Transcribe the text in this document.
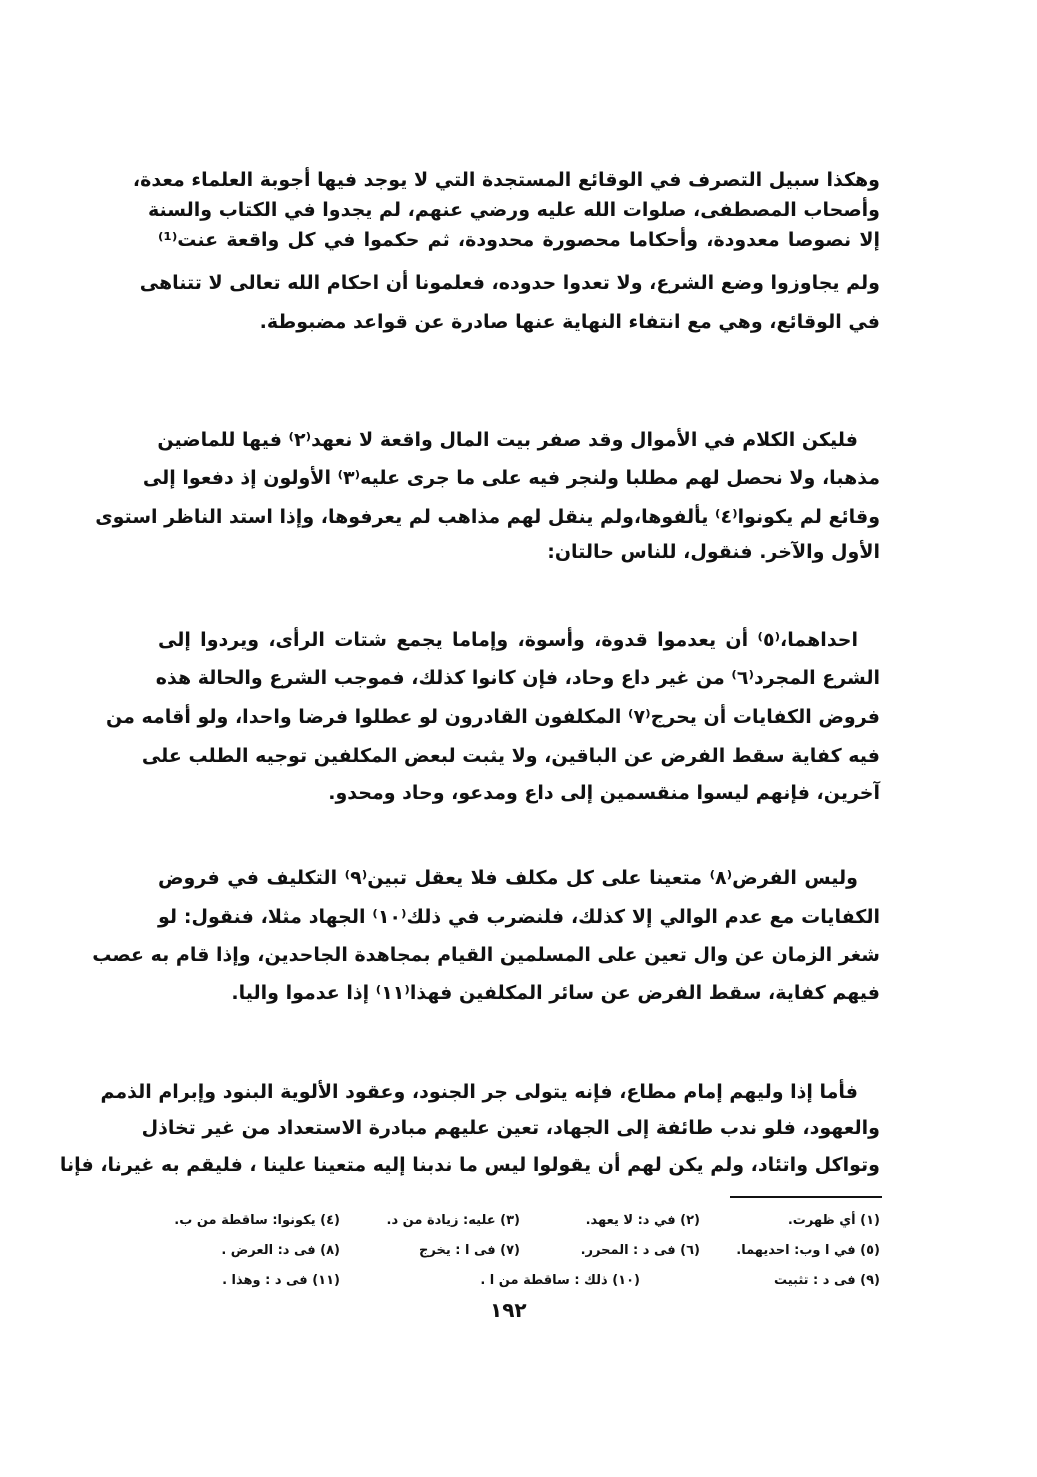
وهكذا سبيل التصرف في الوقائع المستجدة التي لا يوجد فيها أجوبة العلماء معدة،
وأصحاب المصطفى، صلوات الله عليه ورضي عنهم، لم يجدوا في الكتاب والسنة
إلا نصوصا معدودة، وأحكاما محصورة محدودة، ثم حكموا في كل واقعة عنت⁽¹⁾
ولم يجاوزوا وضع الشرع، ولا تعدوا حدوده، فعلمونا أن احكام الله تعالى لا تتناهى
في الوقائع، وهي مع انتفاء النهاية عنها صادرة عن قواعد مضبوطة.
فليكن الكلام في الأموال وقد صفر بيت المال واقعة لا نعهد⁽٢⁾ فيها للماضين
مذهبا، ولا نحصل لهم مطلبا ولنجر فيه على ما جرى عليه⁽٣⁾ الأولون إذ دفعوا إلى
وقائع لم يكونوا⁽٤⁾ يألفوها،ولم ينقل لهم مذاهب لم يعرفوها، وإذا استد الناظر استوى
الأول والآخر. فنقول، للناس حالتان:
احداهما،⁽٥⁾ أن يعدموا قدوة، وأسوة، وإماما يجمع شتات الرأى، ويردوا إلى
الشرع المجرد⁽٦⁾ من غير داع وحاد، فإن كانوا كذلك، فموجب الشرع والحالة هذه
فروض الكفايات أن يحرج⁽٧⁾ المكلفون القادرون لو عطلوا فرضا واحدا، ولو أقامه من
فيه كفاية سقط الفرض عن الباقين، ولا يثبت لبعض المكلفين توجيه الطلب على
آخرين، فإنهم ليسوا منقسمين إلى داع ومدعو، وحاد ومحدو.
وليس الفرض⁽٨⁾ متعينا على كل مكلف فلا يعقل تبين⁽٩⁾ التكليف في فروض
الكفايات مع عدم الوالي إلا كذلك، فلنضرب في ذلك⁽١٠⁾ الجهاد مثلا، فنقول: لو
شغر الزمان عن وال تعين على المسلمين القيام بمجاهدة الجاحدين، وإذا قام به عصب
فيهم كفاية، سقط الفرض عن سائر المكلفين فهذا⁽١١⁾ إذا عدموا واليا.
فأما إذا وليهم إمام مطاع، فإنه يتولى جر الجنود، وعقود الألوية البنود وإبرام الذمم
والعهود، فلو ندب طائفة إلى الجهاد، تعين عليهم مبادرة الاستعداد من غير تخاذل
وتواكل واتئاد، ولم يكن لهم أن يقولوا ليس ما ندبنا إليه متعينا علينا ، فليقم به غيرنا، فإنا
(١) أي ظهرت.
(٢) في د: لا يعهد.
(٣) عليه: زيادة من د.
(٤) يكونوا: ساقطة من ب.
(٥) في ا وب: احديهما.
(٦) فى د : المحرر.
(٧) فى ا : يخرج
(٨) فى د: العرض .
(٩) فى د : تثبيت
(١٠) ذلك : ساقطة من ا .
(١١) فى د : وهذا .
١٩٢
